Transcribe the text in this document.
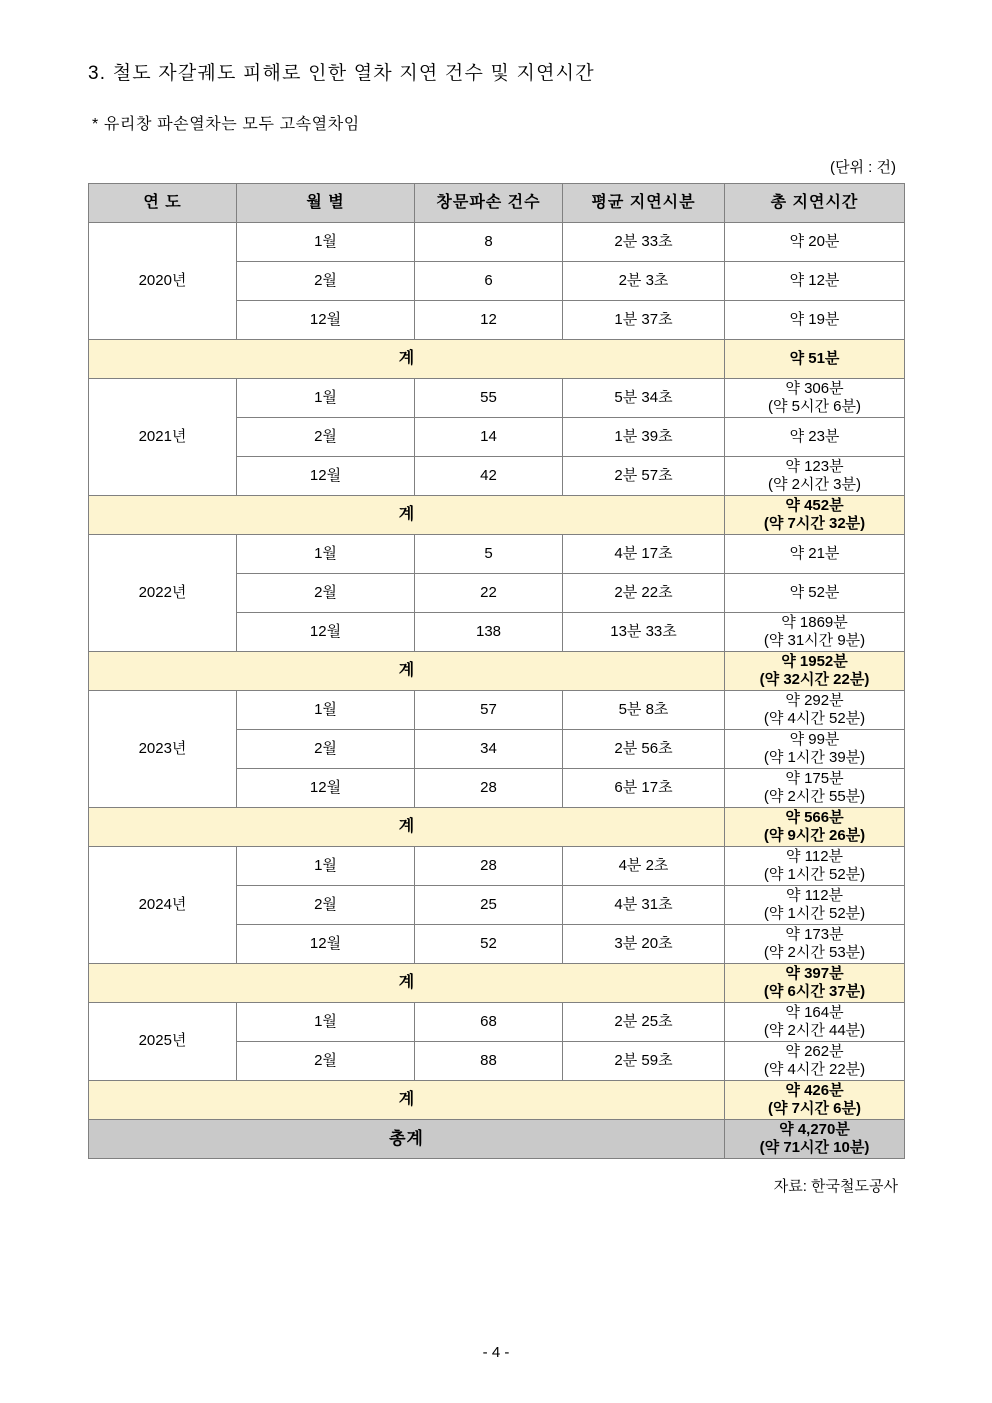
3. 철도 자갈궤도 피해로 인한 열차 지연 건수 및 지연시간

* 유리창 파손열차는 모두 고속열차임

(단위 : 건)
연 도	월 별	창문파손 건수	평균 지연시분	총 지연시간
2020년	1월	8	2분 33초	약 20분

	2월	6	2분 3초	약 12분

	12월	12	1분 37초	약 19분

계				약 51분

2021년	1월	55	5분 34초	약 306분
(약 5시간 6분)

	2월	14	1분 39초	약 23분

	12월	42	2분 57초	약 123분
(약 2시간 3분)

계				약 452분
(약 7시간 32분)

2022년	1월	5	4분 17초	약 21분

	2월	22	2분 22초	약 52분

	12월	138	13분 33초	약 1869분
(약 31시간 9분)

계				약 1952분
(약 32시간 22분)

2023년	1월	57	5분 8초	약 292분
(약 4시간 52분)

	2월	34	2분 56초	약 99분
(약 1시간 39분)

	12월	28	6분 17초	약 175분
(약 2시간 55분)

계				약 566분
(약 9시간 26분)

2024년	1월	28	4분 2초	약 112분
(약 1시간 52분)

	2월	25	4분 31초	약 112분
(약 1시간 52분)

	12월	52	3분 20초	약 173분
(약 2시간 53분)

계				약 397분
(약 6시간 37분)

2025년	1월	68	2분 25초	약 164분
(약 2시간 44분)

	2월	88	2분 59초	약 262분
(약 4시간 22분)

계				약 426분
(약 7시간 6분)

총계				약 4,270분
(약 71시간 10분)
자료: 한국철도공사
- 4 -
